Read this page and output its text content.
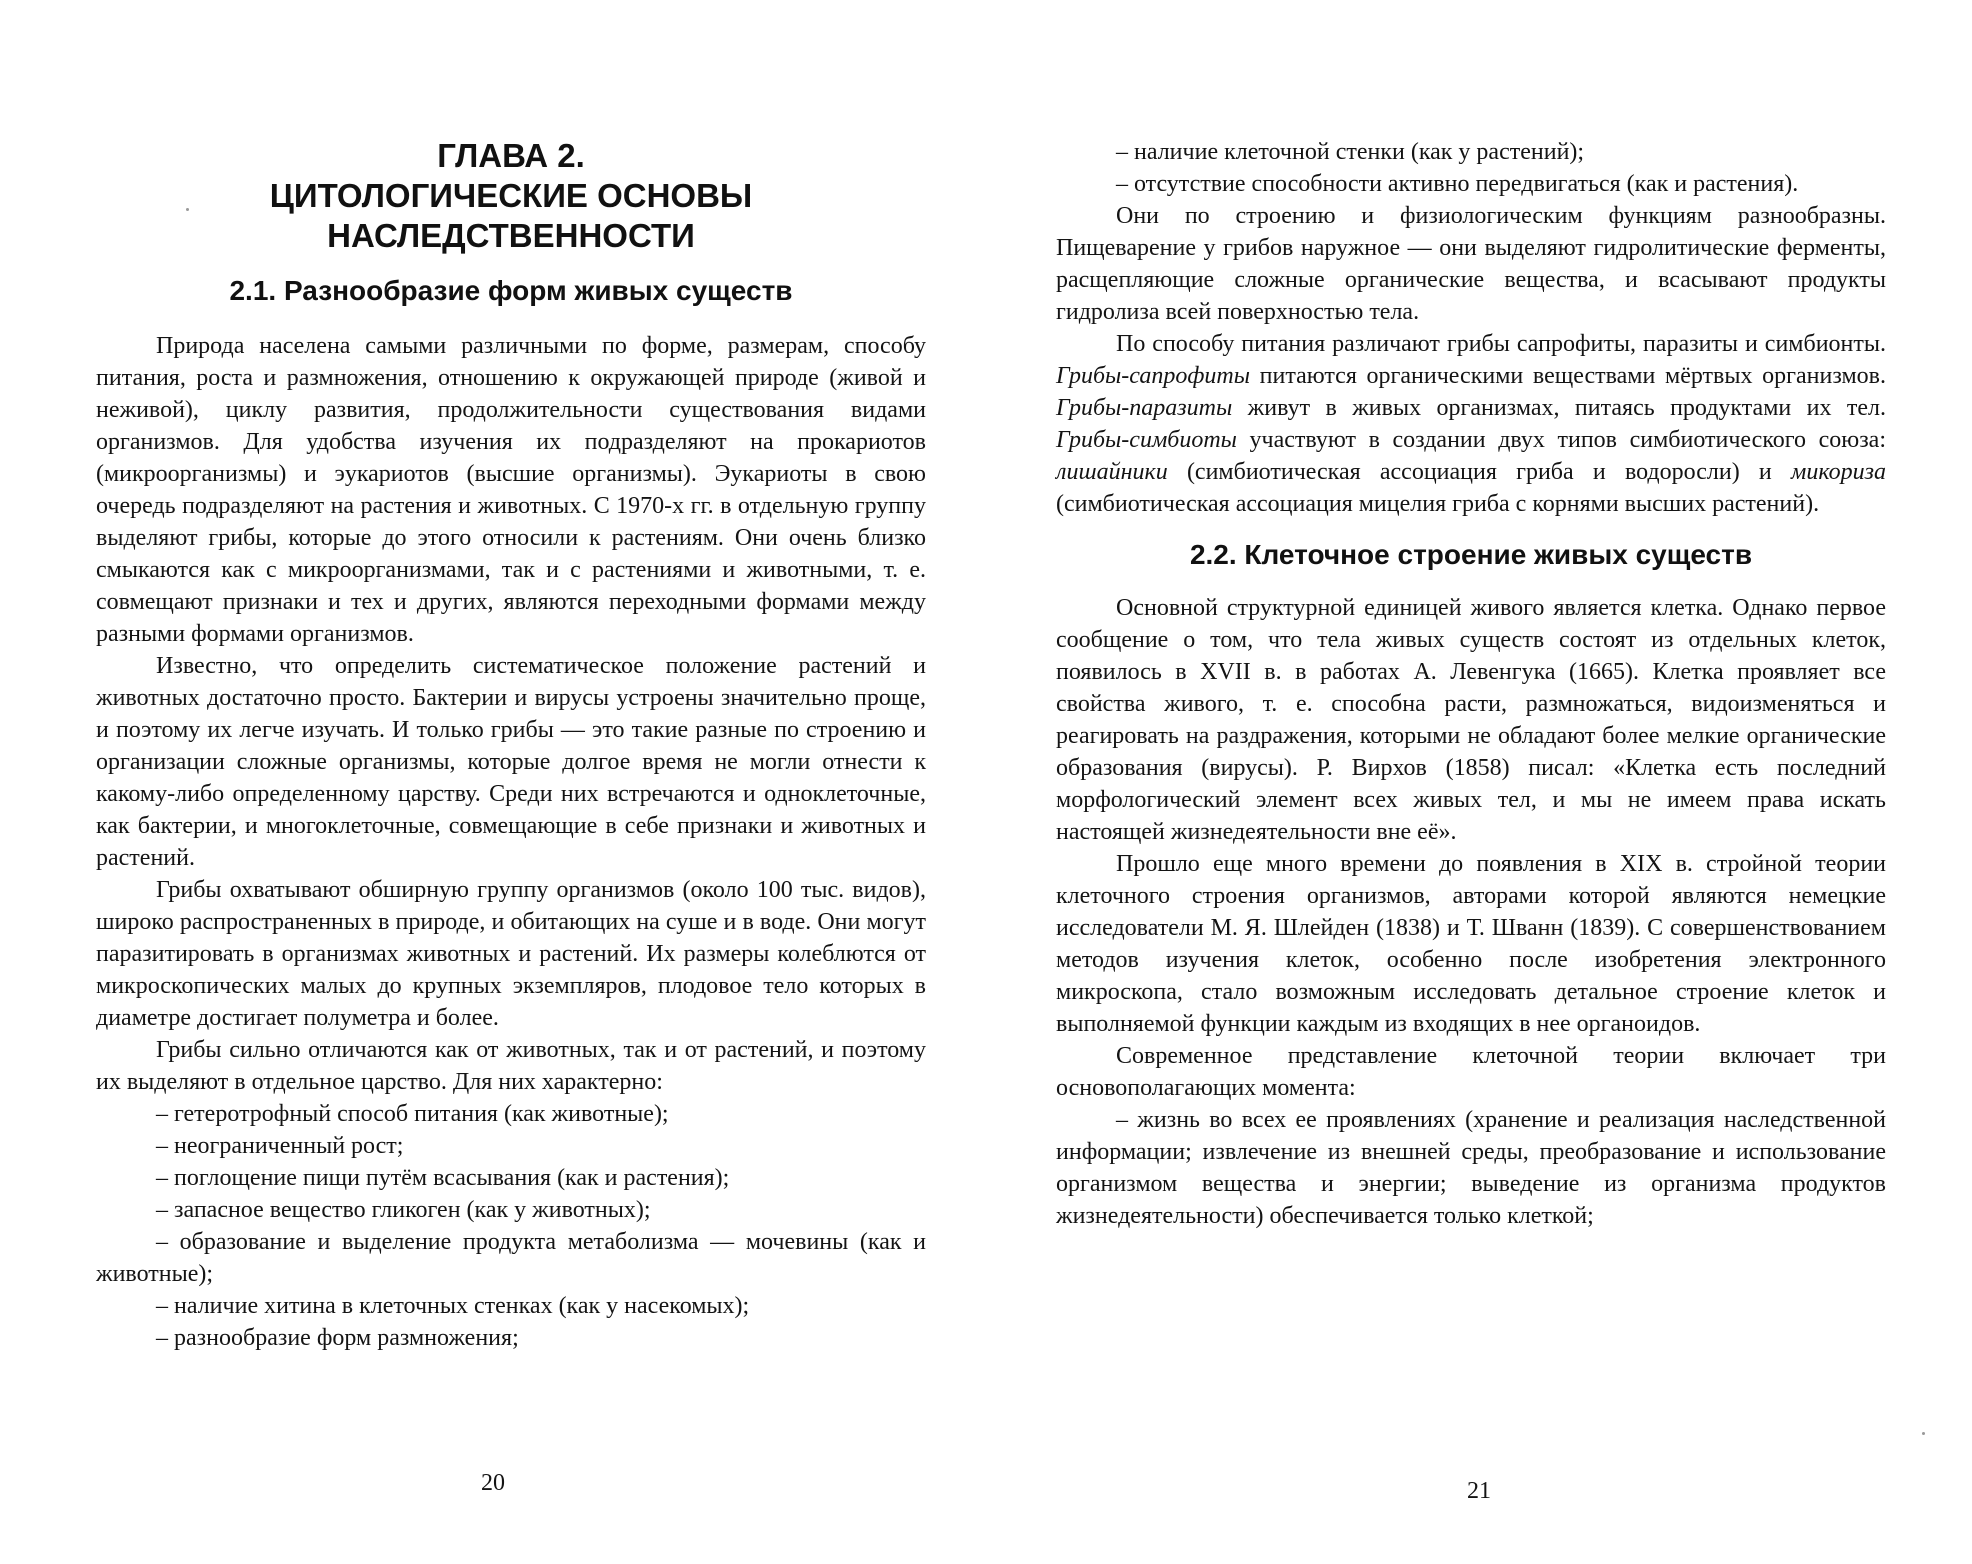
ГЛАВА 2.
ЦИТОЛОГИЧЕСКИЕ ОСНОВЫ
НАСЛЕДСТВЕННОСТИ
2.1. Разнообразие форм живых существ

Природа населена самыми различными по форме, размерам, способу питания, роста и размножения, отношению к окружающей природе (живой и неживой), циклу развития, продолжительности существования видами организмов. Для удобства изучения их подразделяют на прокариотов (микроорганизмы) и эукариотов (высшие организмы). Эукариоты в свою очередь подразделяют на растения и животных. С 1970-х гг. в отдельную группу выделяют грибы, которые до этого относили к растениям. Они очень близко смыкаются как с микроорганизмами, так и с растениями и животными, т. е. совмещают признаки и тех и других, являются переходными формами между разными формами организмов.

Известно, что определить систематическое положение растений и животных достаточно просто. Бактерии и вирусы устроены значительно проще, и поэтому их легче изучать. И только грибы — это такие разные по строению и организации сложные организмы, которые долгое время не могли отнести к какому-либо определенному царству. Среди них встречаются и одноклеточные, как бактерии, и многоклеточные, совмещающие в себе признаки и животных и растений.

Грибы охватывают обширную группу организмов (около 100 тыс. видов), широко распространенных в природе, и обитающих на суше и в воде. Они могут паразитировать в организмах животных и растений. Их размеры колеблются от микроскопических малых до крупных экземпляров, плодовое тело которых в диаметре достигает полуметра и более.

Грибы сильно отличаются как от животных, так и от растений, и поэтому их выделяют в отдельное царство. Для них характерно:

– гетеротрофный способ питания (как животные);

– неограниченный рост;

– поглощение пищи путём всасывания (как и растения);

– запасное вещество гликоген (как у животных);

– образование и выделение продукта метаболизма — мочевины (как и животные);

– наличие хитина в клеточных стенках (как у насекомых);

– разнообразие форм размножения;

20

– наличие клеточной стенки (как у растений);

– отсутствие способности активно передвигаться (как и растения).

Они по строению и физиологическим функциям разнообразны. Пищеварение у грибов наружное — они выделяют гидролитические ферменты, расщепляющие сложные органические вещества, и всасывают продукты гидролиза всей поверхностью тела.

По способу питания различают грибы сапрофиты, паразиты и симбионты. Грибы-сапрофиты питаются органическими веществами мёртвых организмов. Грибы-паразиты живут в живых организмах, питаясь продуктами их тел. Грибы-симбиоты участвуют в создании двух типов симбиотического союза: лишайники (симбиотическая ассоциация гриба и водоросли) и микориза (симбиотическая ассоциация мицелия гриба с корнями высших растений).

2.2. Клеточное строение живых существ

Основной структурной единицей живого является клетка. Однако первое сообщение о том, что тела живых существ состоят из отдельных клеток, появилось в XVII в. в работах А. Левенгука (1665). Клетка проявляет все свойства живого, т. е. способна расти, размножаться, видоизменяться и реагировать на раздражения, которыми не обладают более мелкие органические образования (вирусы). Р. Вирхов (1858) писал: «Клетка есть последний морфологический элемент всех живых тел, и мы не имеем права искать настоящей жизнедеятельности вне её».

Прошло еще много времени до появления в XIX в. стройной теории клеточного строения организмов, авторами которой являются немецкие исследователи М. Я. Шлейден (1838) и Т. Шванн (1839). С совершенствованием методов изучения клеток, особенно после изобретения электронного микроскопа, стало возможным исследовать детальное строение клеток и выполняемой функции каждым из входящих в нее органоидов.

Современное представление клеточной теории включает три основополагающих момента:

– жизнь во всех ее проявлениях (хранение и реализация наследственной информации; извлечение из внешней среды, преобразование и использование организмом вещества и энергии; выведение из организма продуктов жизнедеятельности) обеспечивается только клеткой;

21
